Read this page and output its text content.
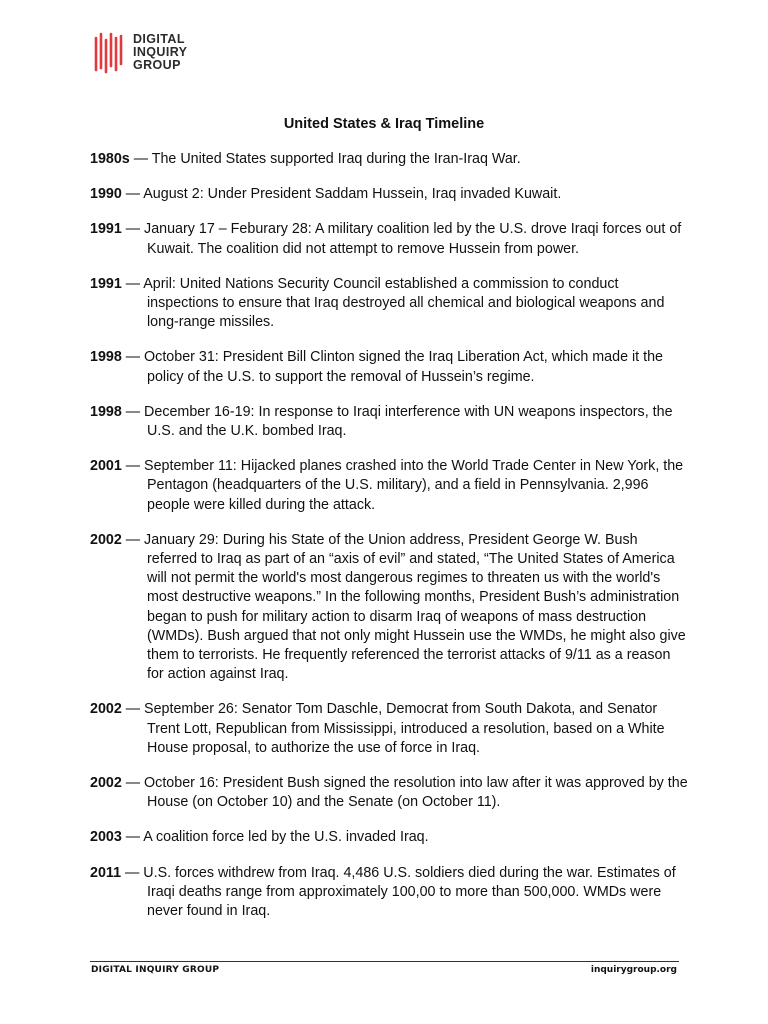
DIGITAL
INQUIRY
GROUP
United States & Iraq Timeline
1980s — The United States supported Iraq during the Iran-Iraq War.
1990 — August 2: Under President Saddam Hussein, Iraq invaded Kuwait.
1991 — January 17 – Feburary 28: A military coalition led by the U.S. drove Iraqi forces out of Kuwait. The coalition did not attempt to remove Hussein from power.
1991 — April: United Nations Security Council established a commission to conduct inspections to ensure that Iraq destroyed all chemical and biological weapons and long-range missiles.
1998 — October 31: President Bill Clinton signed the Iraq Liberation Act, which made it the policy of the U.S. to support the removal of Hussein’s regime.
1998 — December 16-19: In response to Iraqi interference with UN weapons inspectors, the U.S. and the U.K. bombed Iraq.
2001 — September 11: Hijacked planes crashed into the World Trade Center in New York, the Pentagon (headquarters of the U.S. military), and a field in Pennsylvania. 2,996 people were killed during the attack.
2002 — January 29: During his State of the Union address, President George W. Bush referred to Iraq as part of an “axis of evil” and stated, “The United States of America will not permit the world's most dangerous regimes to threaten us with the world's most destructive weapons.” In the following months, President Bush’s administration began to push for military action to disarm Iraq of weapons of mass destruction (WMDs). Bush argued that not only might Hussein use the WMDs, he might also give them to terrorists. He frequently referenced the terrorist attacks of 9/11 as a reason for action against Iraq.
2002 — September 26: Senator Tom Daschle, Democrat from South Dakota, and Senator Trent Lott, Republican from Mississippi, introduced a resolution, based on a White House proposal, to authorize the use of force in Iraq.
2002 — October 16: President Bush signed the resolution into law after it was approved by the House (on October 10) and the Senate (on October 11).
2003 — A coalition force led by the U.S. invaded Iraq.
2011 — U.S. forces withdrew from Iraq. 4,486 U.S. soldiers died during the war. Estimates of Iraqi deaths range from approximately 100,00 to more than 500,000. WMDs were never found in Iraq.
DIGITAL INQUIRY GROUP	inquirygroup.org
